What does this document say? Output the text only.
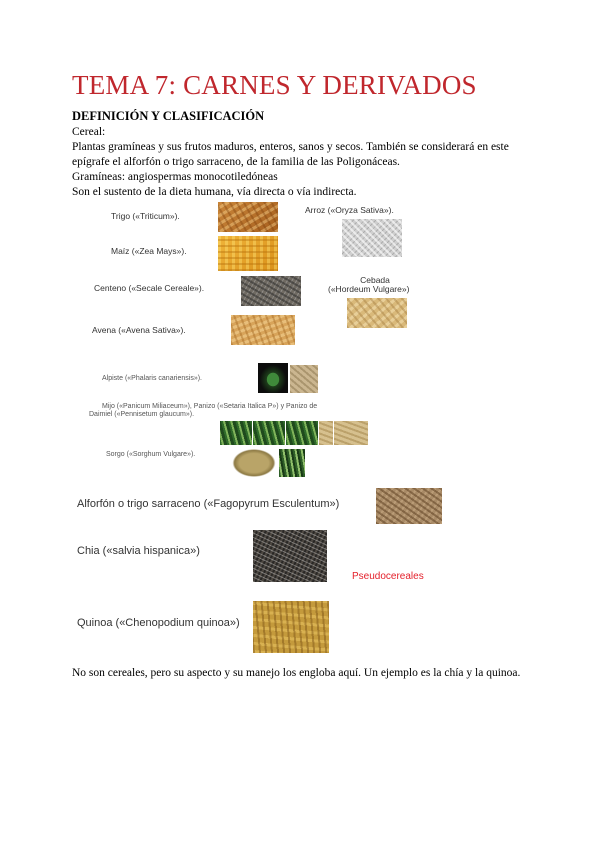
TEMA 7: CARNES Y DERIVADOS
DEFINICIÓN Y CLASIFICACIÓN
Cereal:
Plantas gramíneas y sus frutos maduros, enteros, sanos y secos. También se considerará en este
epígrafe el alforfón o trigo sarraceno, de la familia de las Poligonáceas.
Gramíneas: angiospermas monocotiledóneas
Son el sustento de la dieta humana, vía directa o vía indirecta.
Trigo («Triticum»).
Arroz («Oryza Sativa»).
Maíz («Zea Mays»).
Centeno («Secale Cereale»).
Cebada
(«Hordeum Vulgare»)
Avena («Avena Sativa»).
Alpiste («Phalaris canariensis»).
Mijo («Panicum Miliaceum»), Panizo («Setaria Italica P») y Panizo de
Daimiel («Pennisetum glaucum»).
Sorgo («Sorghum Vulgare»).
Alforfón o trigo sarraceno («Fagopyrum Esculentum»)
Chia («salvia hispanica»)
Pseudocereales
Quinoa («Chenopodium quinoa»)
No son cereales, pero su aspecto y su manejo los engloba aquí. Un ejemplo es la chía y la quinoa.
